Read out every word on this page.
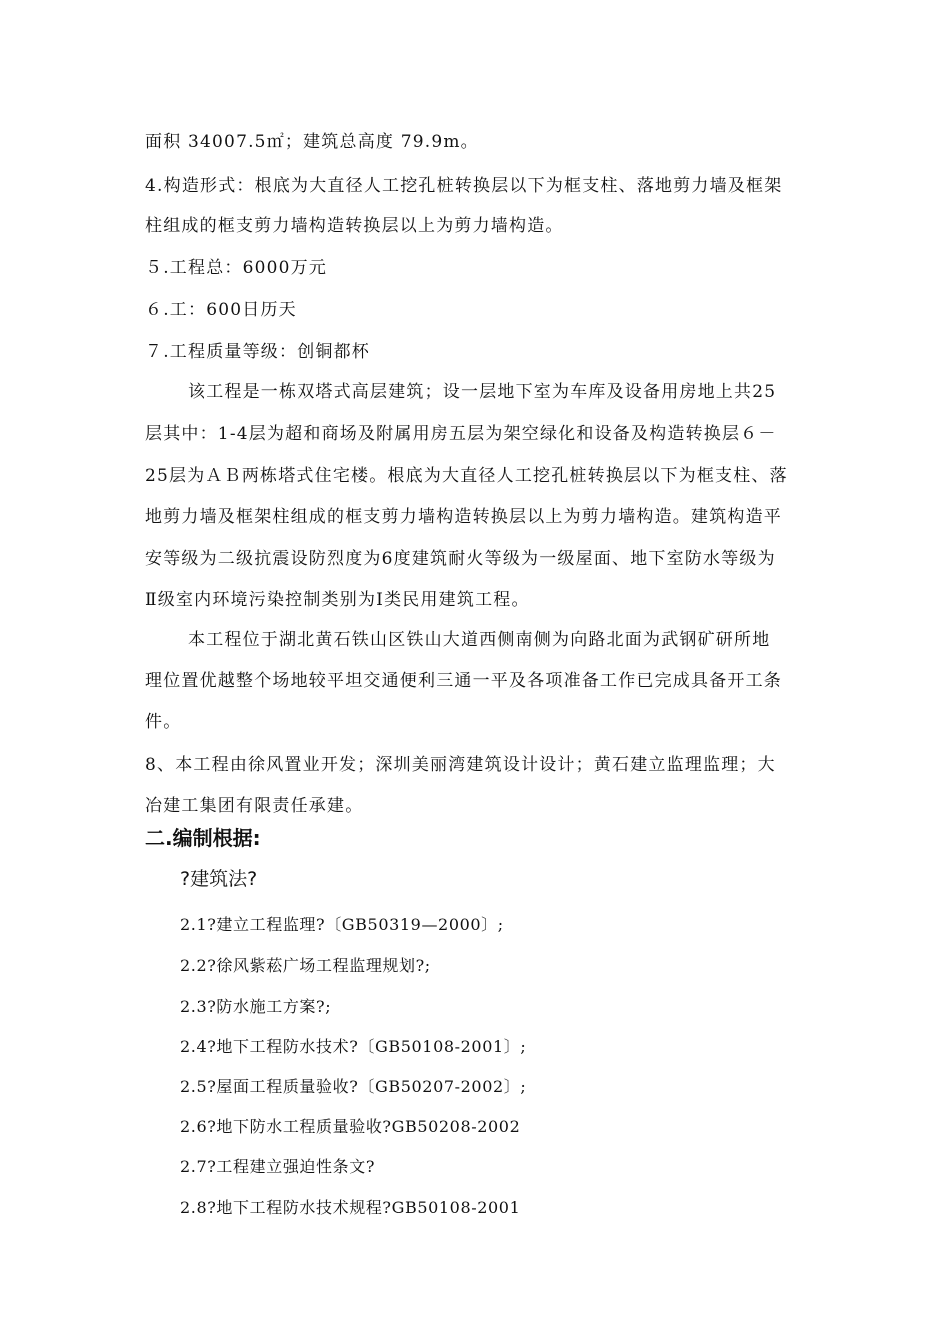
面积 34007.5㎡；建筑总高度 79.9m。
4.构造形式：根底为大直径人工挖孔桩转换层以下为框支柱、落地剪力墙及框架
柱组成的框支剪力墙构造转换层以上为剪力墙构造。
５.工程总：6000万元
６.工：600日历天
７.工程质量等级：创铜都杯
该工程是一栋双塔式高层建筑；设一层地下室为车库及设备用房地上共25
层其中：1-4层为超和商场及附属用房五层为架空绿化和设备及构造转换层６－
25层为ＡＢ两栋塔式住宅楼。根底为大直径人工挖孔桩转换层以下为框支柱、落
地剪力墙及框架柱组成的框支剪力墙构造转换层以上为剪力墙构造。建筑构造平
安等级为二级抗震设防烈度为6度建筑耐火等级为一级屋面、地下室防水等级为
Ⅱ级室内环境污染控制类别为Ⅰ类民用建筑工程。
本工程位于湖北黄石铁山区铁山大道西侧南侧为向路北面为武钢矿研所地
理位置优越整个场地较平坦交通便利三通一平及各项准备工作已完成具备开工条
件。
8、本工程由徐风置业开发；深圳美丽湾建筑设计设计；黄石建立监理监理；大
冶建工集团有限责任承建。
二.编制根据:
?建筑法?
2.1?建立工程监理?〔GB50319—2000〕;
2.2?徐风紫菘广场工程监理规划?;
2.3?防水施工方案?;
2.4?地下工程防水技术?〔GB50108-2001〕;
2.5?屋面工程质量验收?〔GB50207-2002〕;
2.6?地下防水工程质量验收?GB50208-2002
2.7?工程建立强迫性条文?
2.8?地下工程防水技术规程?GB50108-2001
